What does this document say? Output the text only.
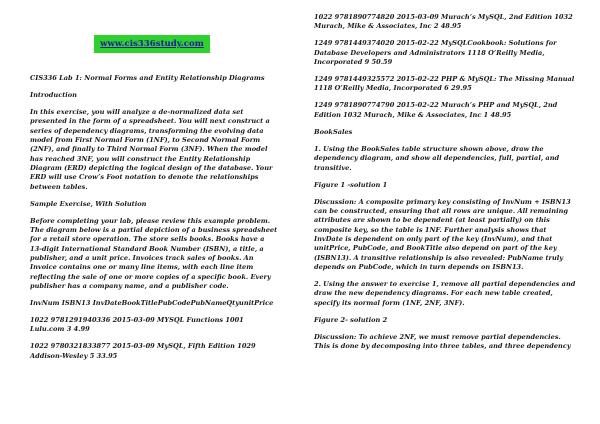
www.cis336study.com

CIS336 Lab 1: Normal Forms and Entity Relationship Diagrams

Introduction

In this exercise, you will analyze a de-normalized data set presented in the form of a spreadsheet. You will next construct a series of dependency diagrams, transforming the evolving data model from First Normal Form (1NF), to Second Normal Form (2NF), and finally to Third Normal Form (3NF). When the model has reached 3NF, you will construct the Entity Relationship Diagram (ERD) depicting the logical design of the database. Your ERD will use Crow’s Foot notation to denote the relationships between tables.

Sample Exercise, With Solution

Before completing your lab, please review this example problem. The diagram below is a partial depiction of a business spreadsheet for a retail store operation. The store sells books. Books have a 13-digit International Standard Book Number (ISBN), a title, a publisher, and a unit price. Invoices track sales of books. An Invoice contains one or many line items, with each line item reflecting the sale of one or more copies of a specific book. Every publisher has a company name, and a publisher code.

InvNum ISBN13 InvDateBookTitlePubCodePubNameQtyunitPrice

1022 9781291940336 2015-03-09 MYSQL Functions 1001 Lulu.com 3 4.99

1022 9780321833877 2015-03-09 MySQL, Fifth Edition 1029 Addison-Wesley 5 33.95

1022 9781890774820 2015-03-09 Murach’s MySQL, 2nd Edition 1032 Murach, Mike & Associates, Inc 2 48.95

1249 9781449374020 2015-02-22 MySQLCookbook: Solutions for Database Developers and Administrators 1118 O’Reilly Media, Incorporated 9 50.59

1249 9781449325572 2015-02-22 PHP & MySQL: The Missing Manual 1118 O’Reilly Media, Incorporated 6 29.95

1249 9781890774790 2015-02-22 Murach’s PHP and MySQL, 2nd Edition 1032 Murach, Mike & Associates, Inc 1 48.95

BookSales

1. Using the BookSales table structure shown above, draw the dependency diagram, and show all dependencies, full, partial, and transitive.

Figure 1 -solution 1

Discussion: A composite primary key consisting of InvNum + ISBN13 can be constructed, ensuring that all rows are unique. All remaining attributes are shown to be dependent (at least partially) on this composite key, so the table is 1NF. Further analysis shows that InvDate is dependent on only part of the key (InvNum), and that unitPrice, PubCode, and BookTitle also depend on part of the key (ISBN13). A transitive relationship is also revealed: PubName truly depends on PubCode, which in turn depends on ISBN13.

2. Using the answer to exercise 1, remove all partial dependencies and draw the new dependency diagrams. For each new table created, specify its normal form (1NF, 2NF, 3NF).

Figure 2- solution 2

Discussion: To achieve 2NF, we must remove partial dependencies. This is done by decomposing into three tables, and three dependency
